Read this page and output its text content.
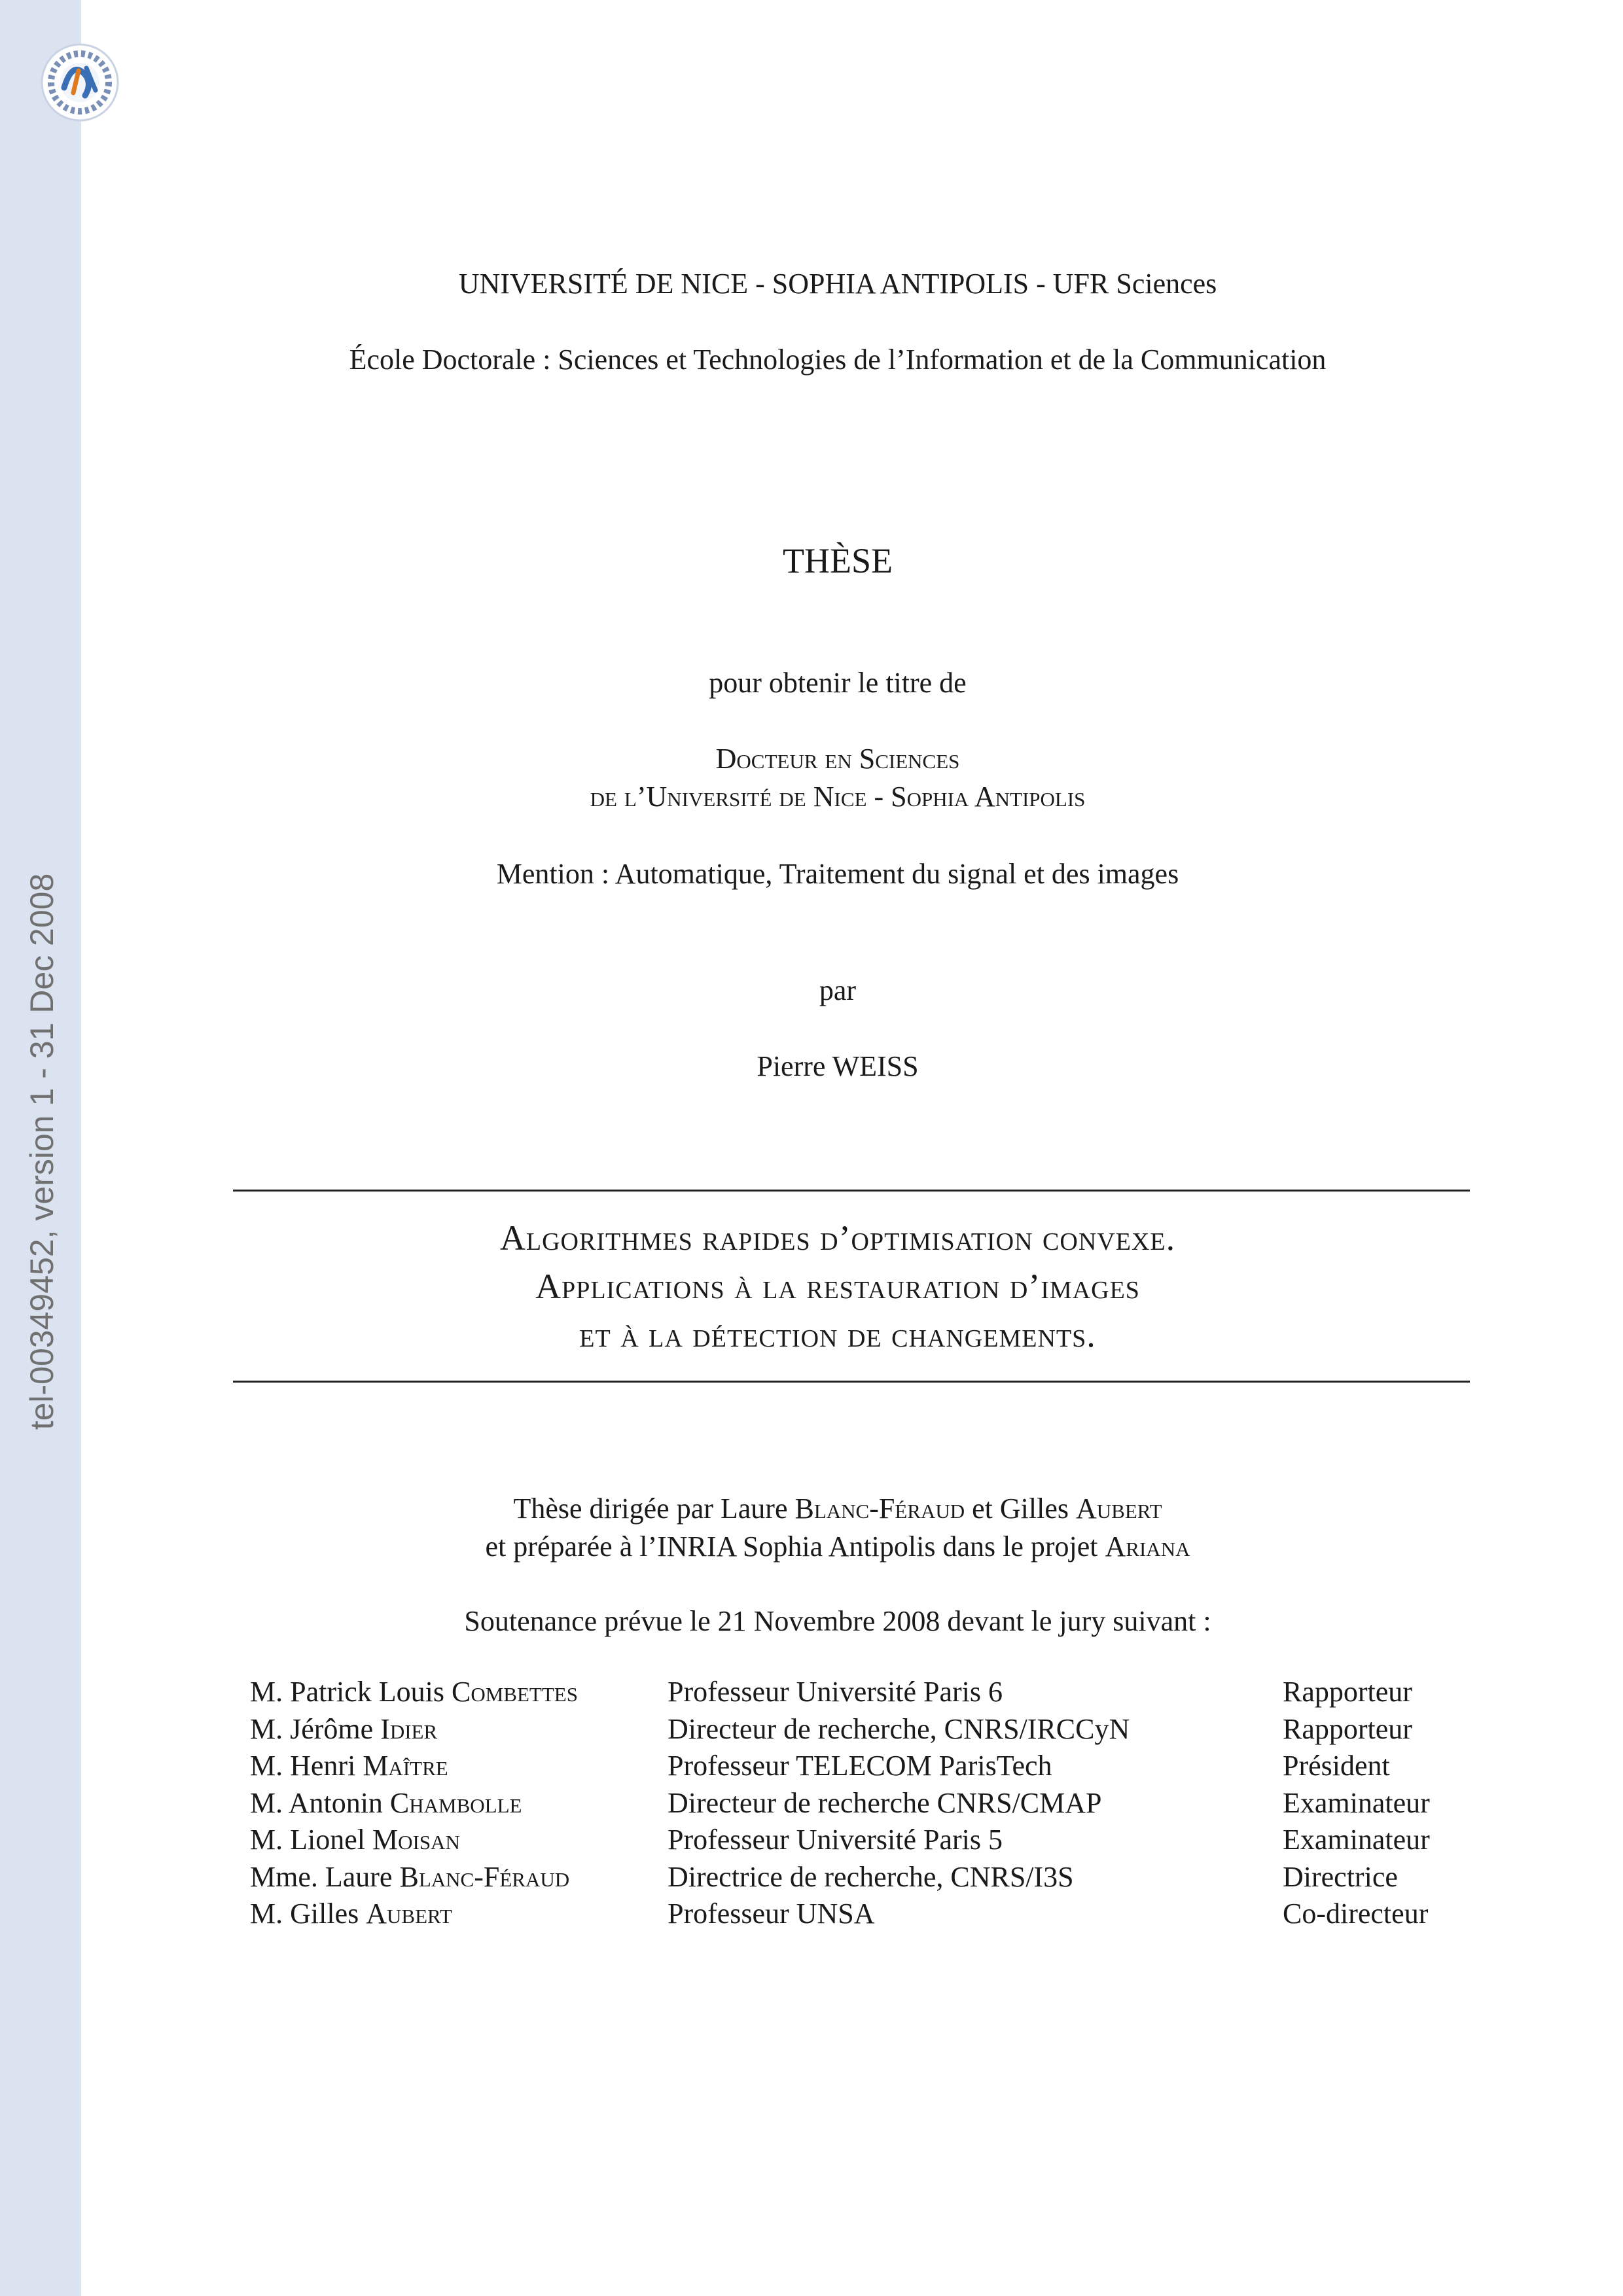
tel-00349452, version 1 - 31 Dec 2008
UNIVERSITÉ DE NICE - SOPHIA ANTIPOLIS - UFR Sciences
École Doctorale : Sciences et Technologies de l’Information et de la Communication
THÈSE
pour obtenir le titre de
Docteur en Sciences
de l’Université de Nice - Sophia Antipolis
Mention : Automatique, Traitement du signal et des images
par
Pierre WEISS
Algorithmes rapides d’optimisation convexe.
Applications à la restauration d’images
et à la détection de changements.
Thèse dirigée par Laure Blanc-Féraud et Gilles Aubert
et préparée à l’INRIA Sophia Antipolis dans le projet Ariana
Soutenance prévue le 21 Novembre 2008 devant le jury suivant :
M. Patrick Louis Combettes	Professeur Université Paris 6	Rapporteur
M. Jérôme Idier	Directeur de recherche, CNRS/IRCCyN	Rapporteur
M. Henri Maître	Professeur TELECOM ParisTech	Président
M. Antonin Chambolle	Directeur de recherche CNRS/CMAP	Examinateur
M. Lionel Moisan	Professeur Université Paris 5	Examinateur
Mme. Laure Blanc-Féraud	Directrice de recherche, CNRS/I3S	Directrice
M. Gilles Aubert	Professeur UNSA	Co-directeur
